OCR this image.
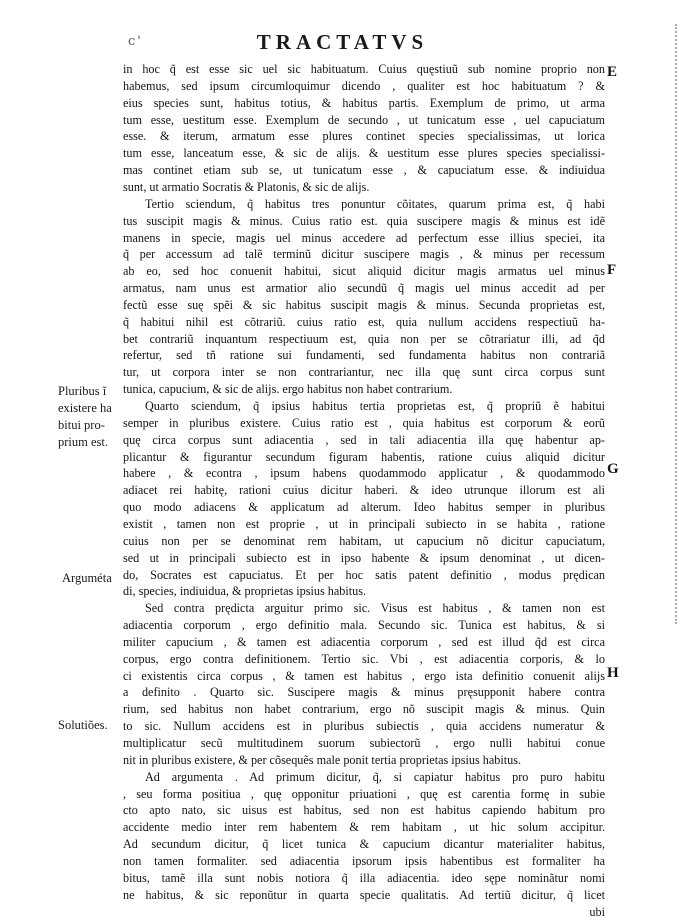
c'	TRACTATVS
E
F
G
H
Pluribus ĩ
existere ha
bitui pro-
prium est.
Arguméta
Solutiões.
in hoc q̃ est esse sic uel sic habituatum. Cuius quęstiuũ sub nomine proprio non
habemus, sed ipsum circumloquimur dicendo , qualiter est hoc habituatum ? &
eius species sunt, habitus totius, & habitus partis. Exemplum de primo, ut arma
tum esse, uestitum esse. Exemplum de secundo , ut tunicatum esse , uel capuciatum
esse. & iterum, armatum esse plures continet species specialissimas, ut lorica
tum esse, lanceatum esse, & sic de alijs. & uestitum esse plures species specialissi-
mas continet etiam sub se, ut tunicatum esse , & capuciatum esse. & indiuidua
sunt, ut armatio Socratis & Platonis, & sic de alijs.
Tertio sciendum, q̃ habitus tres ponuntur cõitates, quarum prima est, q̃ habi
tus suscipit magis & minus. Cuius ratio est. quia suscipere magis & minus est idẽ
manens in specie, magis uel minus accedere ad perfectum esse illius speciei, ita
q̃ per accessum ad talẽ terminũ dicitur suscipere magis , & minus per recessum
ab eo, sed hoc conuenit habitui, sicut aliquid dicitur magis armatus uel minus
armatus, nam unus est armatior alio secundũ q̃ magis uel minus accedit ad per
fectũ esse suę spẽi & sic habitus suscipit magis & minus. Secunda proprietas est,
q̃ habitui nihil est cõtrariũ. cuius ratio est, quia nullum accidens respectiuũ ha-
bet contrariũ inquantum respectiuum est, quia non per se cõtrariatur illi, ad q̃d
refertur, sed tñ ratione sui fundamenti, sed fundamenta habitus non contrariã
tur, ut corpora inter se non contrariantur, nec illa quę sunt circa corpus sunt
tunica, capucium, & sic de alijs. ergo habitus non habet contrarium.
Quarto sciendum, q̃ ipsius habitus tertia proprietas est, q̃ propriũ ẽ habitui
semper in pluribus existere. Cuius ratio est , quia habitus est corporum & eorũ
quę circa corpus sunt adiacentia , sed in tali adiacentia illa quę habentur ap-
plicantur & figurantur secundum figuram habentis, ratione cuius aliquid dicitur
habere , & econtra , ipsum habens quodammodo applicatur , & quodammodo
adiacet rei habitę, rationi cuius dicitur haberi. & ideo utrunque illorum est ali
quo modo adiacens & applicatum ad alterum. Ideo habitus semper in pluribus
existit , tamen non est proprie , ut in principali subiecto in se habita , ratione
cuius non per se denominat rem habitam, ut capucium nõ dicitur capuciatum,
sed ut in principali subiecto est in ipso habente & ipsum denominat , ut dicen-
do, Socrates est capuciatus. Et per hoc satis patent definitio , modus prędican
di, species, indiuidua, & proprietas ipsius habitus.
Sed contra prędicta arguitur primo sic. Visus est habitus , & tamen non est
adiacentia corporum , ergo definitio mala. Secundo sic. Tunica est habitus, & si
militer capucium , & tamen est adiacentia corporum , sed est illud q̃d est circa
corpus, ergo contra definitionem. Tertio sic. Vbi , est adiacentia corporis, & lo
ci existentis circa corpus , & tamen est habitus , ergo ista definitio conuenit alijs
a definito . Quarto sic. Suscipere magis & minus pręsupponit habere contra
rium, sed habitus non habet contrarium, ergo nõ suscipit magis & minus. Quin
to sic. Nullum accidens est in pluribus subiectis , quia accidens numeratur &
multiplicatur secũ multitudinem suorum subiectorũ , ergo nulli habitui conue
nit in pluribus existere, & per cõsequẽs male ponit tertia proprietas ipsius habitus.
Ad argumenta . Ad primum dicitur, q̃, si capiatur habitus pro puro habitu
, seu forma positiua , quę opponitur priuationi , quę est carentia formę in subie
cto apto nato, sic uisus est habitus, sed non est habitus capiendo habitum pro
accidente medio inter rem habentem & rem habitam , ut hic solum accipitur.
Ad secundum dicitur, q̃ licet tunica & capucium dicantur materialiter habitus,
non tamen formaliter. sed adiacentia ipsorum ipsis habentibus est formaliter ha
bitus, tamẽ illa sunt nobis notiora q̃ illa adiacentia. ideo sępe nominãtur nomi
ne habitus, & sic reponũtur in quarta specie qualitatis. Ad tertiũ dicitur, q̃ licet
ubi
